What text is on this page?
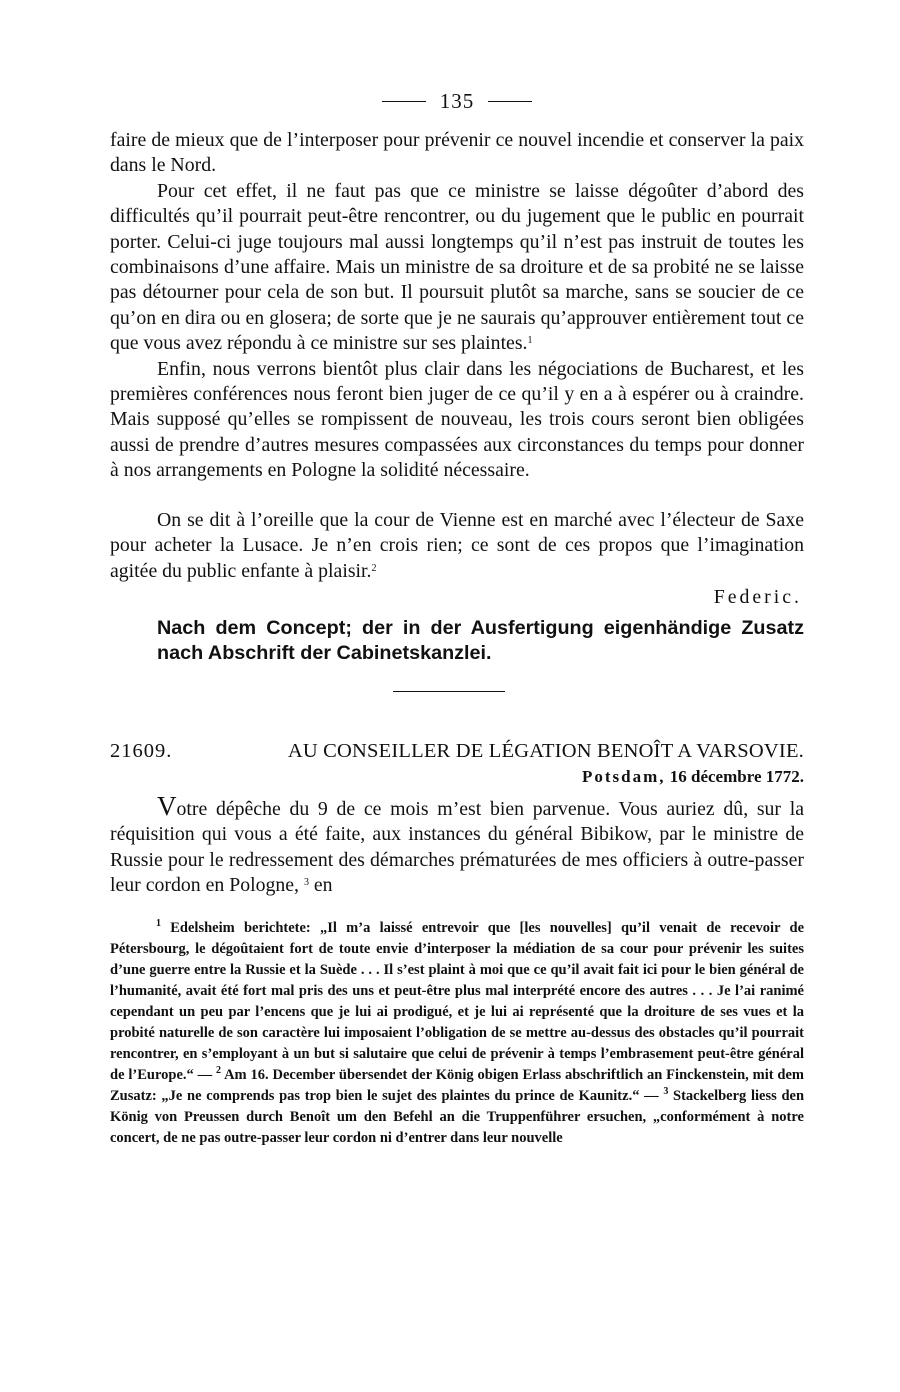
135

faire de mieux que de l’interposer pour prévenir ce nouvel incendie et conserver la paix dans le Nord.

Pour cet effet, il ne faut pas que ce ministre se laisse dégoûter d’abord des difficultés qu’il pourrait peut-être rencontrer, ou du jugement que le public en pourrait porter. Celui-ci juge toujours mal aussi longtemps qu’il n’est pas instruit de toutes les combinaisons d’une affaire. Mais un ministre de sa droiture et de sa probité ne se laisse pas détourner pour cela de son but. Il poursuit plutôt sa marche, sans se soucier de ce qu’on en dira ou en glosera; de sorte que je ne saurais qu’approuver entièrement tout ce que vous avez répondu à ce ministre sur ses plaintes.$^1$

Enfin, nous verrons bientôt plus clair dans les négociations de Bucharest, et les premières conférences nous feront bien juger de ce qu’il y en a à espérer ou à craindre. Mais supposé qu’elles se rompissent de nouveau, les trois cours seront bien obligées aussi de prendre d’autres mesures compassées aux circonstances du temps pour donner à nos arrangements en Pologne la solidité nécessaire.

On se dit à l’oreille que la cour de Vienne est en marché avec l’électeur de Saxe pour acheter la Lusace. Je n’en crois rien; ce sont de ces propos que l’imagination agitée du public enfante à plaisir.$^2$

Federic.

Nach dem Concept; der in der Ausfertigung eigenhändige Zusatz nach Abschrift der Cabinetskanzlei.

21609.	AU CONSEILLER DE LÉGATION BENOÎT A VARSOVIE.
Potsdam, 16 décembre 1772.

Votre dépêche du 9 de ce mois m’est bien parvenue. Vous auriez dû, sur la réquisition qui vous a été faite, aux instances du général Bibikow, par le ministre de Russie pour le redressement des démarches prématurées de mes officiers à outre-passer leur cordon en Pologne, $^3$ en

$^1$ Edelsheim berichtete: „Il m’a laissé entrevoir que [les nouvelles] qu’il venait de recevoir de Pétersbourg, le dégoûtaient fort de toute envie d’interposer la médiation de sa cour pour prévenir les suites d’une guerre entre la Russie et la Suède . . . Il s’est plaint à moi que ce qu’il avait fait ici pour le bien général de l’humanité, avait été fort mal pris des uns et peut-être plus mal interprété encore des autres . . . Je l’ai ranimé cependant un peu par l’encens que je lui ai prodigué, et je lui ai représenté que la droiture de ses vues et la probité naturelle de son caractère lui imposaient l’obligation de se mettre au-dessus des obstacles qu’il pourrait rencontrer, en s’employant à un but si salutaire que celui de prévenir à temps l’embrasement peut-être général de l’Europe.“ — $^2$ Am 16. December übersendet der König obigen Erlass abschriftlich an Finckenstein, mit dem Zusatz: „Je ne comprends pas trop bien le sujet des plaintes du prince de Kaunitz.“ — $^3$ Stackelberg liess den König von Preussen durch Benoît um den Befehl an die Truppenführer ersuchen, „conformément à notre concert, de ne pas outre-passer leur cordon ni d’entrer dans leur nouvelle
